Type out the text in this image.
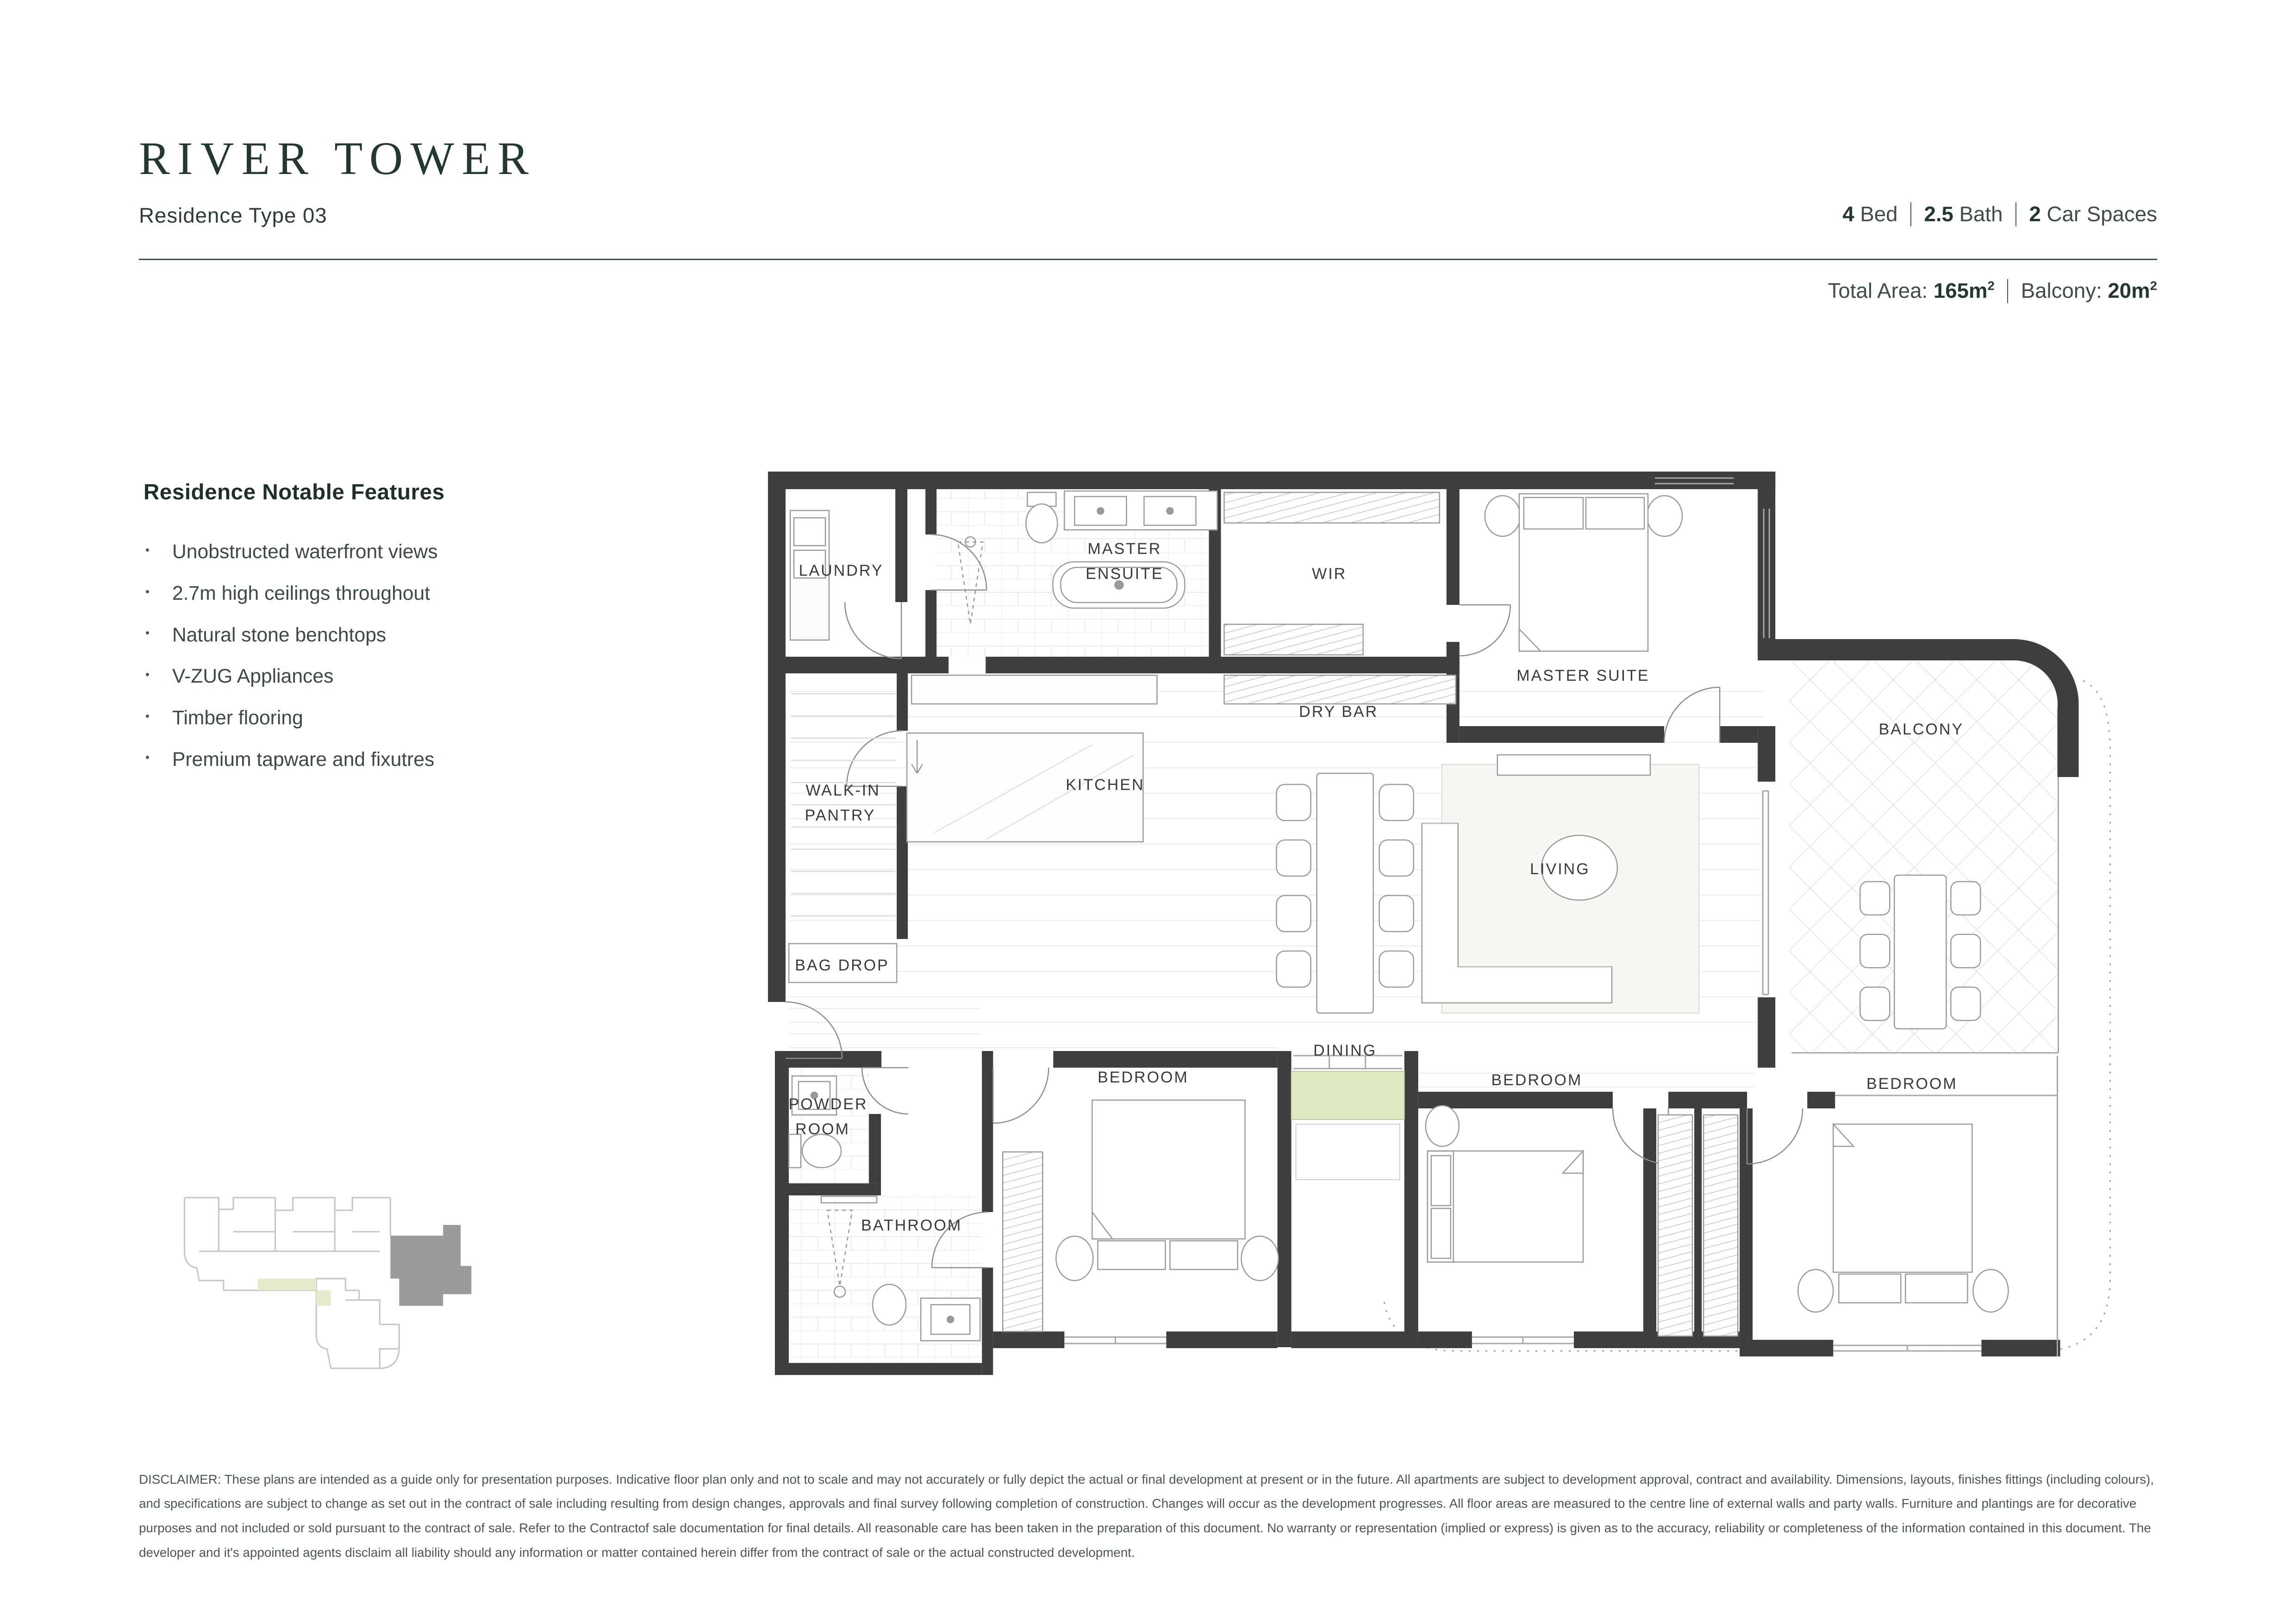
RIVER TOWER
Residence Type 03	4 Bed 2.5 Bath 2 Car Spaces
Total Area: $165m^2$ Balcony: $20m^2$
Residence Notable Features
Unobstructed waterfront views
2.7m high ceilings throughout
Natural stone benchtops
V-ZUG Appliances
Timber flooring
Premium tapware and fixutres
LAUNDRY
MASTER
ENSUITE	WIR
MASTER SUITE
DRY BAR
WALK-IN
PANTRY
KITCHEN
BAG DROP
DINING
LIVING
BALCONY
POWDER
ROOM
BATHROOM
BEDROOM	BEDROOM	BEDROOM

DISCLAIMER: These plans are intended as a guide only for presentation purposes. Indicative floor plan only and not to scale and may not accurately or fully depict the actual or final development at present or in the future. All apartments are subject to development approval, contract and availability. Dimensions, layouts, finishes fittings (including colours), and specifications are subject to change as set out in the contract of sale including resulting from design changes, approvals and final survey following completion of construction. Changes will occur as the development progresses. All floor areas are measured to the centre line of external walls and party walls. Furniture and plantings are for decorative purposes and not included or sold pursuant to the contract of sale. Refer to the Contractof sale documentation for final details. All reasonable care has been taken in the preparation of this document. No warranty or representation (implied or express) is given as to the accuracy, reliability or completeness of the information contained in this document. The developer and it's appointed agents disclaim all liability should any information or matter contained herein differ from the contract of sale or the actual constructed development.
